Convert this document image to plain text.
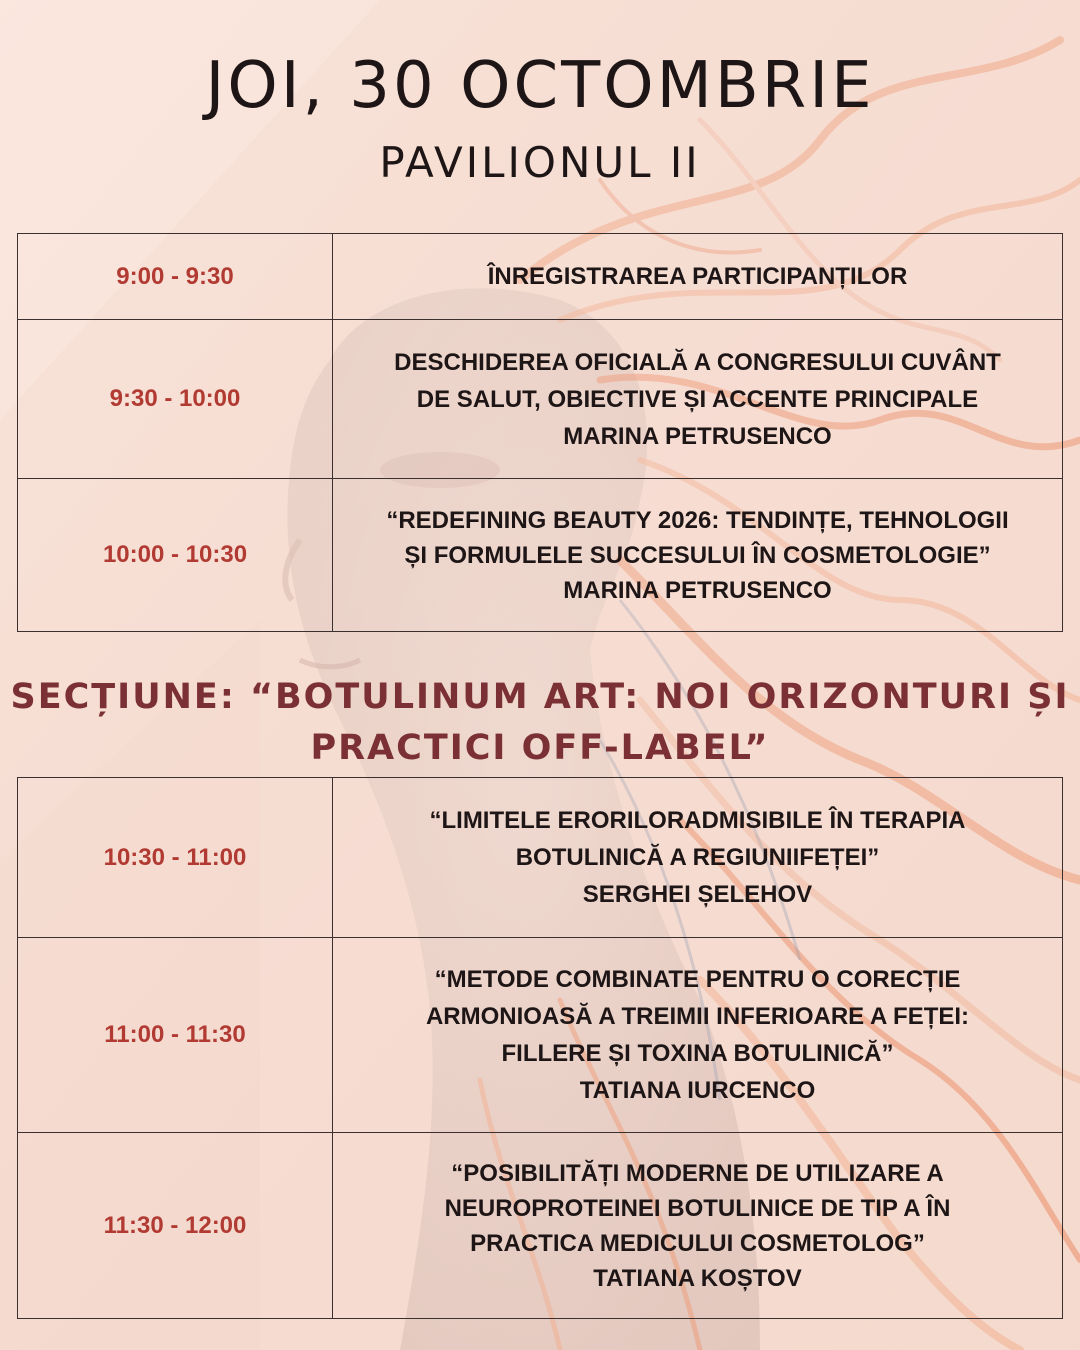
JOI, 30 OCTOMBRIE
PAVILIONUL II
9:00 - 9:30	ÎNREGISTRAREA PARTICIPANȚILOR

9:30 - 10:00	DESCHIDEREA OFICIALĂ A CONGRESULUI CUVÂNT
DE SALUT, OBIECTIVE ȘI ACCENTE PRINCIPALE
MARINA PETRUSENCO

10:00 - 10:30	“REDEFINING BEAUTY 2026: TENDINȚE, TEHNOLOGII
ȘI FORMULELE SUCCESULUI ÎN COSMETOLOGIE”
MARINA PETRUSENCO
SECȚIUNE: “BOTULINUM ART: NOI ORIZONTURI ȘI
PRACTICI OFF-LABEL”
10:30 - 11:00	“LIMITELE ERORILORADMISIBILE ÎN TERAPIA
BOTULINICĂ A REGIUNIIFEȚEI”
SERGHEI ȘELEHOV

11:00 - 11:30	“METODE COMBINATE PENTRU O CORECȚIE
ARMONIOASĂ A TREIMII INFERIOARE A FEȚEI:
FILLERE ȘI TOXINA BOTULINICĂ”
TATIANA IURCENCO

11:30 - 12:00	“POSIBILITĂȚI MODERNE DE UTILIZARE A
NEUROPROTEINEI BOTULINICE DE TIP A ÎN
PRACTICA MEDICULUI COSMETOLOG”
TATIANA KOȘTOV
